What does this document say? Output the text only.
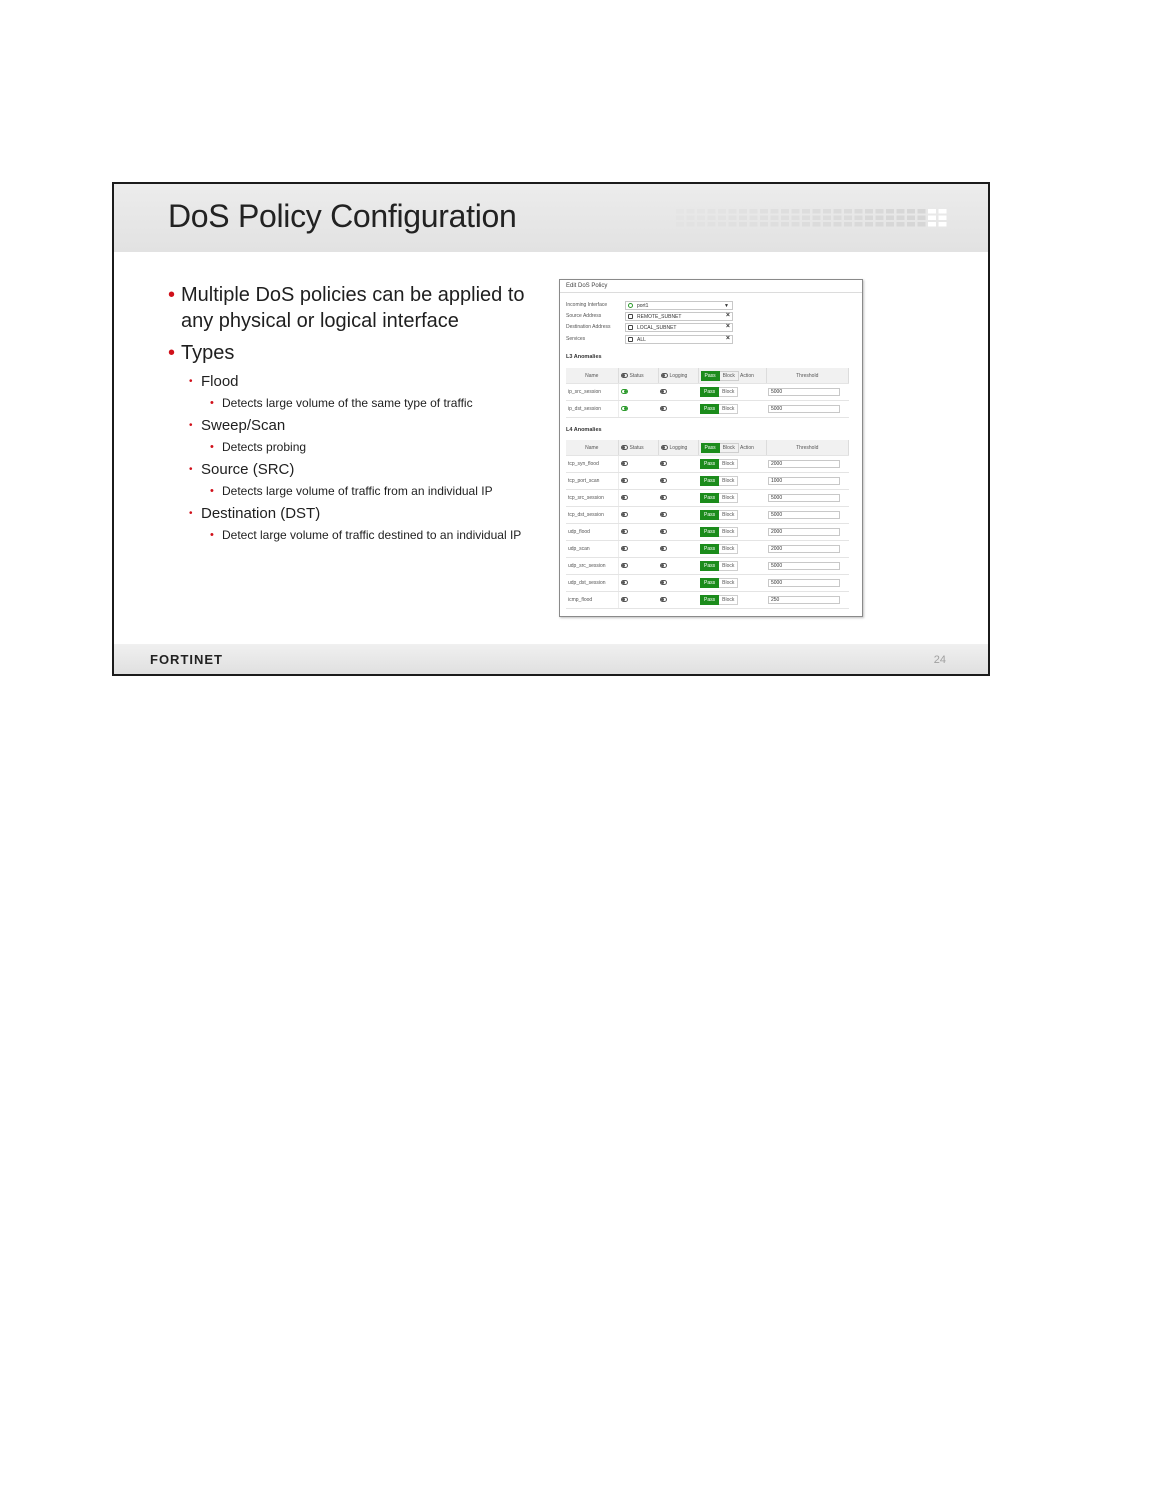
DoS Policy Configuration
• Multiple DoS policies can be applied to any physical or logical interface
• Types
• Flood
• Detects large volume of the same type of traffic
• Sweep/Scan
• Detects probing
• Source (SRC)
• Detects large volume of traffic from an individual IP
• Destination (DST)
• Detect large volume of traffic destined to an individual IP
Edit DoS Policy
Incoming Interface	port1	▼
Source Address	REMOTE_SUBNET	×
Destination Address	LOCAL_SUBNET	×
Services	ALL	×
L3 Anomalies
Name	Status	Logging	Pass Block Action	Threshold
ip_src_session			Pass Block	5000
ip_dst_session			Pass Block	5000
L4 Anomalies
Name	Status	Logging	Pass Block Action	Threshold
tcp_syn_flood			Pass Block	2000
tcp_port_scan			Pass Block	1000
tcp_src_session			Pass Block	5000
tcp_dst_session			Pass Block	5000
udp_flood			Pass Block	2000
udp_scan			Pass Block	2000
udp_src_session			Pass Block	5000
udp_dst_session			Pass Block	5000
icmp_flood			Pass Block	250
FORTINET	24
